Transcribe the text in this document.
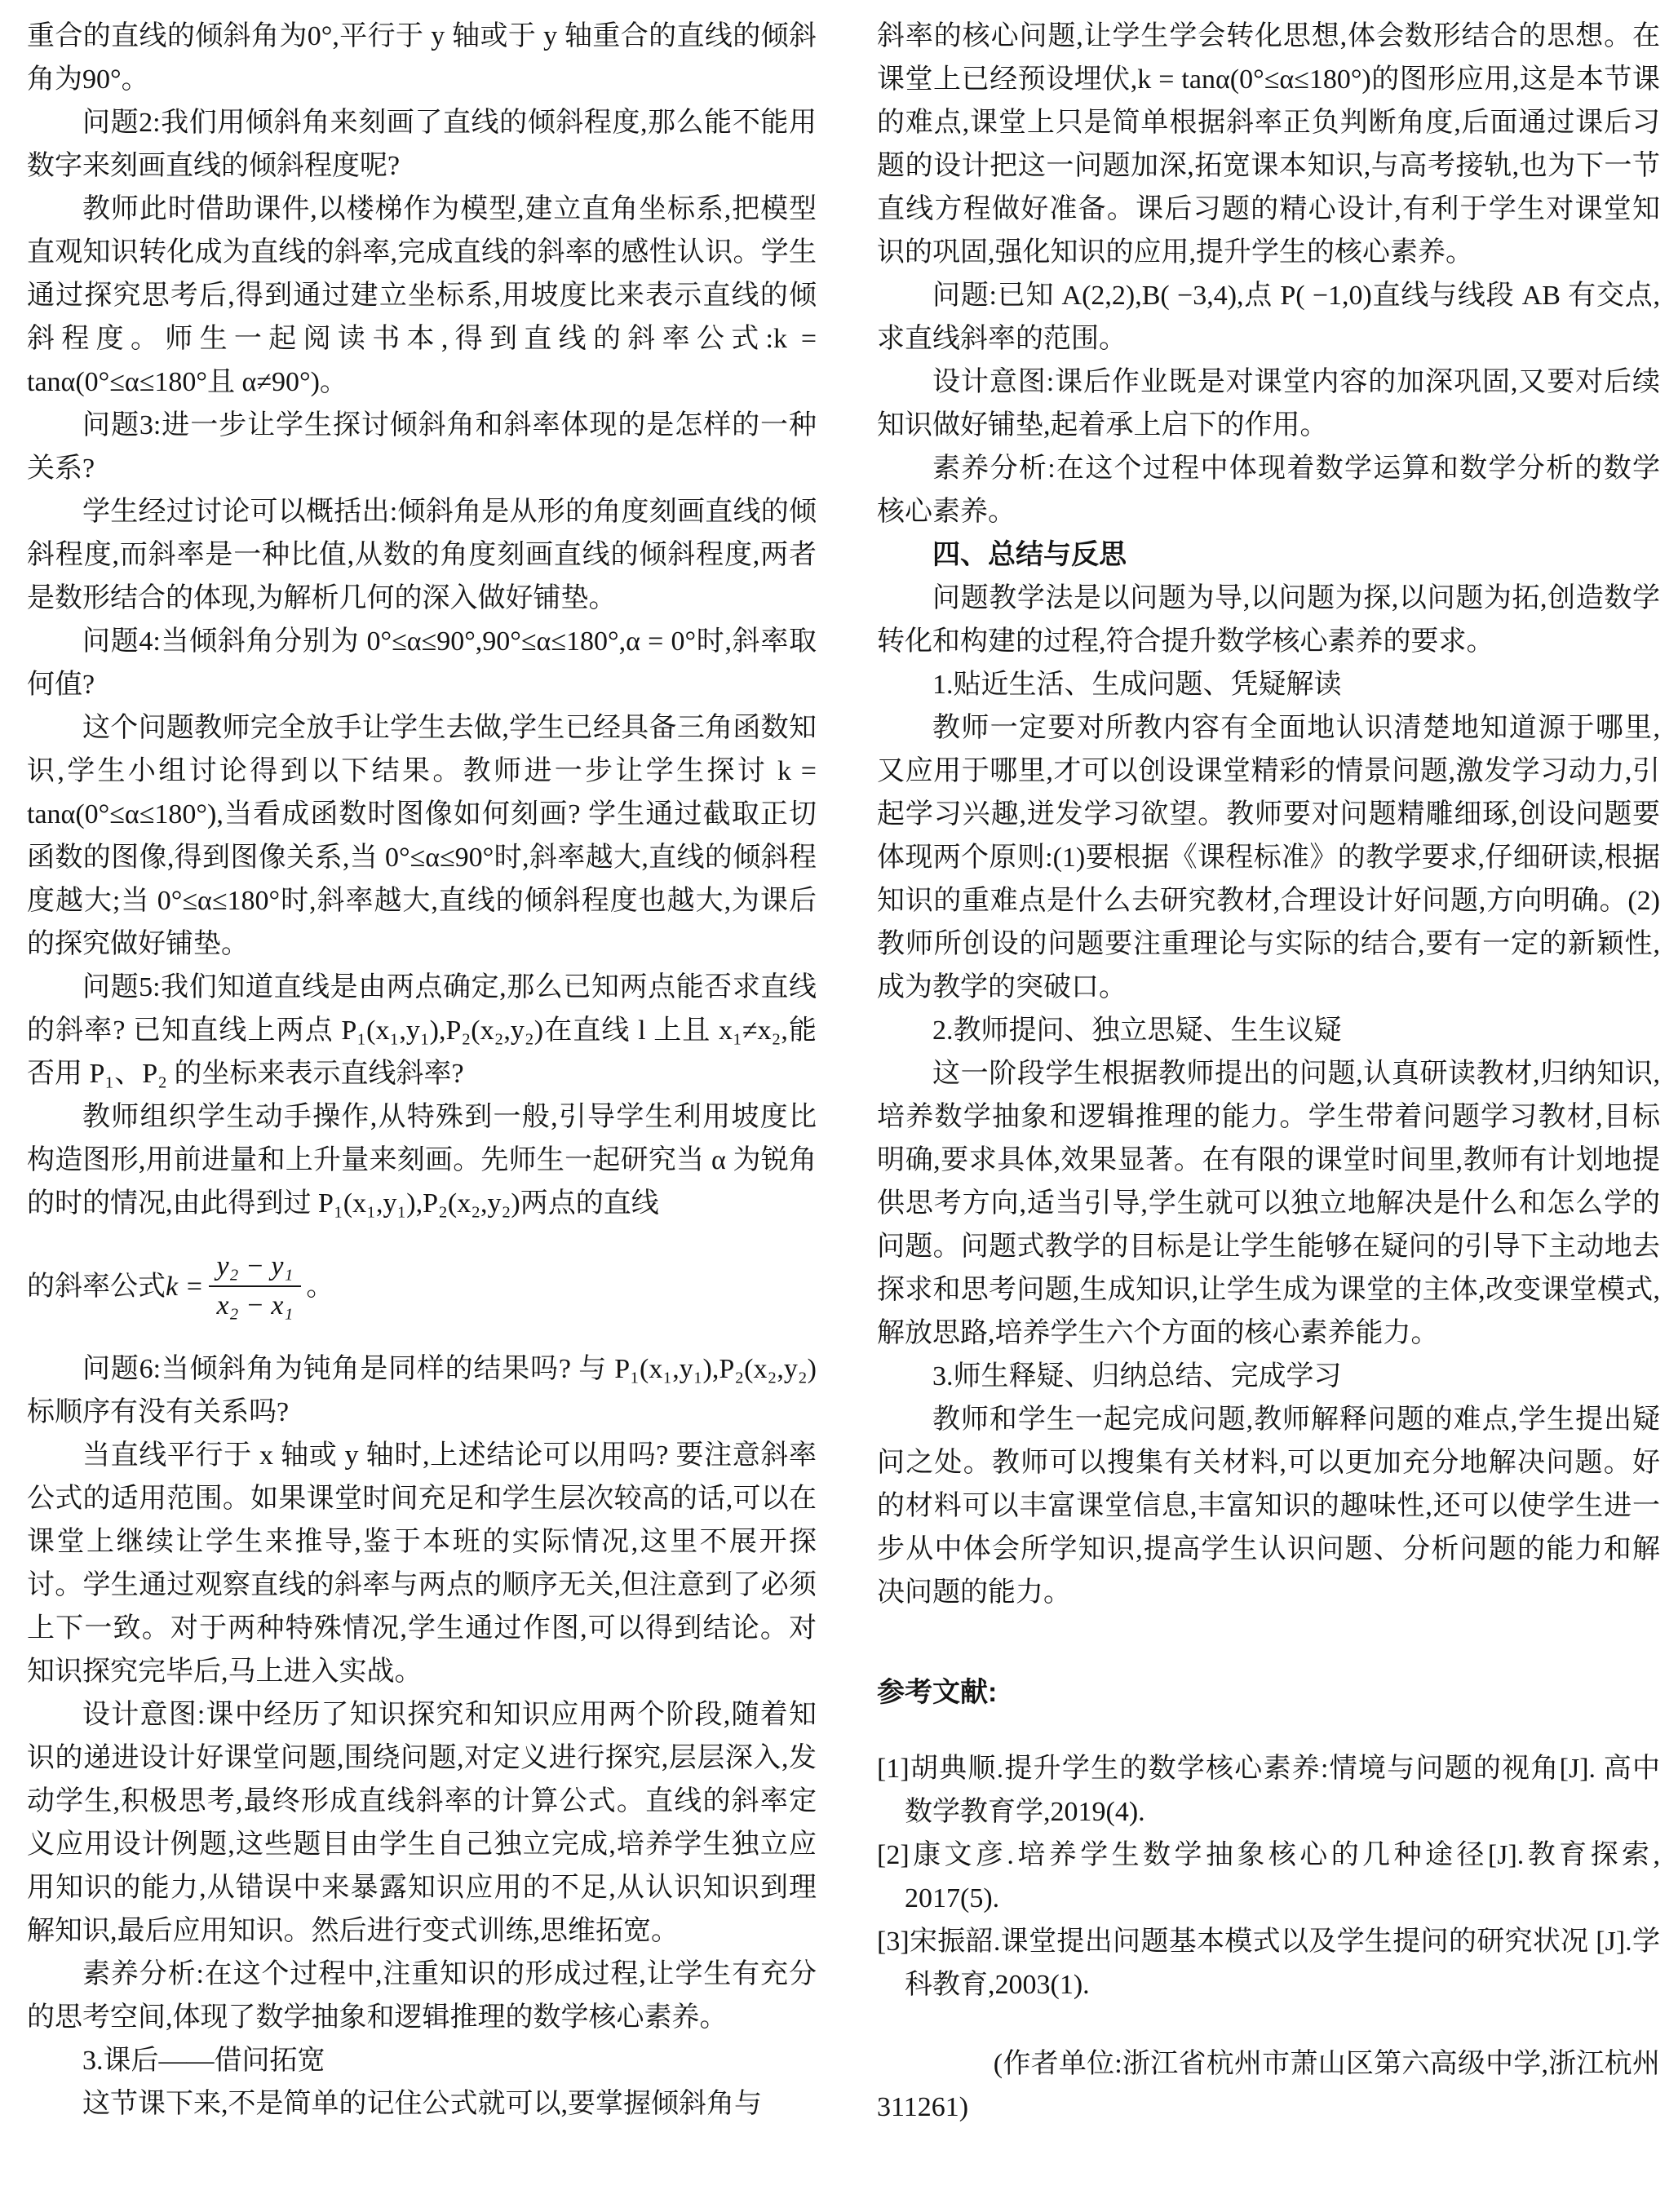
重合的直线的倾斜角为0°,平行于 y 轴或于 y 轴重合的直线的倾斜角为90°。

问题2:我们用倾斜角来刻画了直线的倾斜程度,那么能不能用数字来刻画直线的倾斜程度呢?

教师此时借助课件,以楼梯作为模型,建立直角坐标系,把模型直观知识转化成为直线的斜率,完成直线的斜率的感性认识。学生通过探究思考后,得到通过建立坐标系,用坡度比来表示直线的倾斜程度。师生一起阅读书本,得到直线的斜率公式:k = tanα(0°≤α≤180°且 α≠90°)。

问题3:进一步让学生探讨倾斜角和斜率体现的是怎样的一种关系?

学生经过讨论可以概括出:倾斜角是从形的角度刻画直线的倾斜程度,而斜率是一种比值,从数的角度刻画直线的倾斜程度,两者是数形结合的体现,为解析几何的深入做好铺垫。

问题4:当倾斜角分别为 0°≤α≤90°,90°≤α≤180°,α = 0°时,斜率取何值?

这个问题教师完全放手让学生去做,学生已经具备三角函数知识,学生小组讨论得到以下结果。教师进一步让学生探讨 k = tanα(0°≤α≤180°),当看成函数时图像如何刻画? 学生通过截取正切函数的图像,得到图像关系,当 0°≤α≤90°时,斜率越大,直线的倾斜程度越大;当 0°≤α≤180°时,斜率越大,直线的倾斜程度也越大,为课后的探究做好铺垫。

问题5:我们知道直线是由两点确定,那么已知两点能否求直线的斜率? 已知直线上两点 P₁(x₁,y₁),P₂(x₂,y₂)在直线 l 上且 x₁≠x₂,能否用 P₁、P₂ 的坐标来表示直线斜率?

教师组织学生动手操作,从特殊到一般,引导学生利用坡度比构造图形,用前进量和上升量来刻画。先师生一起研究当 α 为锐角的时的情况,由此得到过 P₁(x₁,y₁),P₂(x₂,y₂)两点的直线

的斜率公式 $k = \frac{\text{y₂ − y₁}}{\text{x₂ − x₁}}$ 。

问题6:当倾斜角为钝角是同样的结果吗? 与 P₁(x₁,y₁),P₂(x₂,y₂)标顺序有没有关系吗?

当直线平行于 x 轴或 y 轴时,上述结论可以用吗? 要注意斜率公式的适用范围。如果课堂时间充足和学生层次较高的话,可以在课堂上继续让学生来推导,鉴于本班的实际情况,这里不展开探讨。学生通过观察直线的斜率与两点的顺序无关,但注意到了必须上下一致。对于两种特殊情况,学生通过作图,可以得到结论。对知识探究完毕后,马上进入实战。

设计意图:课中经历了知识探究和知识应用两个阶段,随着知识的递进设计好课堂问题,围绕问题,对定义进行探究,层层深入,发动学生,积极思考,最终形成直线斜率的计算公式。直线的斜率定义应用设计例题,这些题目由学生自己独立完成,培养学生独立应用知识的能力,从错误中来暴露知识应用的不足,从认识知识到理解知识,最后应用知识。然后进行变式训练,思维拓宽。

素养分析:在这个过程中,注重知识的形成过程,让学生有充分的思考空间,体现了数学抽象和逻辑推理的数学核心素养。

3.课后——借问拓宽

这节课下来,不是简单的记住公式就可以,要掌握倾斜角与

斜率的核心问题,让学生学会转化思想,体会数形结合的思想。在课堂上已经预设埋伏,k = tanα(0°≤α≤180°)的图形应用,这是本节课的难点,课堂上只是简单根据斜率正负判断角度,后面通过课后习题的设计把这一问题加深,拓宽课本知识,与高考接轨,也为下一节直线方程做好准备。课后习题的精心设计,有利于学生对课堂知识的巩固,强化知识的应用,提升学生的核心素养。

问题:已知 A(2,2),B( −3,4),点 P( −1,0)直线与线段 AB 有交点,求直线斜率的范围。

设计意图:课后作业既是对课堂内容的加深巩固,又要对后续知识做好铺垫,起着承上启下的作用。

素养分析:在这个过程中体现着数学运算和数学分析的数学核心素养。

四、总结与反思

问题教学法是以问题为导,以问题为探,以问题为拓,创造数学转化和构建的过程,符合提升数学核心素养的要求。

1.贴近生活、生成问题、凭疑解读

教师一定要对所教内容有全面地认识清楚地知道源于哪里,又应用于哪里,才可以创设课堂精彩的情景问题,激发学习动力,引起学习兴趣,迸发学习欲望。教师要对问题精雕细琢,创设问题要体现两个原则:(1)要根据《课程标准》的教学要求,仔细研读,根据知识的重难点是什么去研究教材,合理设计好问题,方向明确。(2)教师所创设的问题要注重理论与实际的结合,要有一定的新颖性,成为教学的突破口。

2.教师提问、独立思疑、生生议疑

这一阶段学生根据教师提出的问题,认真研读教材,归纳知识,培养数学抽象和逻辑推理的能力。学生带着问题学习教材,目标明确,要求具体,效果显著。在有限的课堂时间里,教师有计划地提供思考方向,适当引导,学生就可以独立地解决是什么和怎么学的问题。问题式教学的目标是让学生能够在疑问的引导下主动地去探求和思考问题,生成知识,让学生成为课堂的主体,改变课堂模式,解放思路,培养学生六个方面的核心素养能力。

3.师生释疑、归纳总结、完成学习

教师和学生一起完成问题,教师解释问题的难点,学生提出疑问之处。教师可以搜集有关材料,可以更加充分地解决问题。好的材料可以丰富课堂信息,丰富知识的趣味性,还可以使学生进一步从中体会所学知识,提高学生认识问题、分析问题的能力和解决问题的能力。

参考文献:

[1]胡典顺.提升学生的数学核心素养:情境与问题的视角[J]. 高中数学教育学,2019(4).

[2]康文彦.培养学生数学抽象核心的几种途径[J].教育探索, 2017(5).

[3]宋振韶.课堂提出问题基本模式以及学生提问的研究状况 [J].学科教育,2003(1).

(作者单位:浙江省杭州市萧山区第六高级中学,浙江杭州 311261)
